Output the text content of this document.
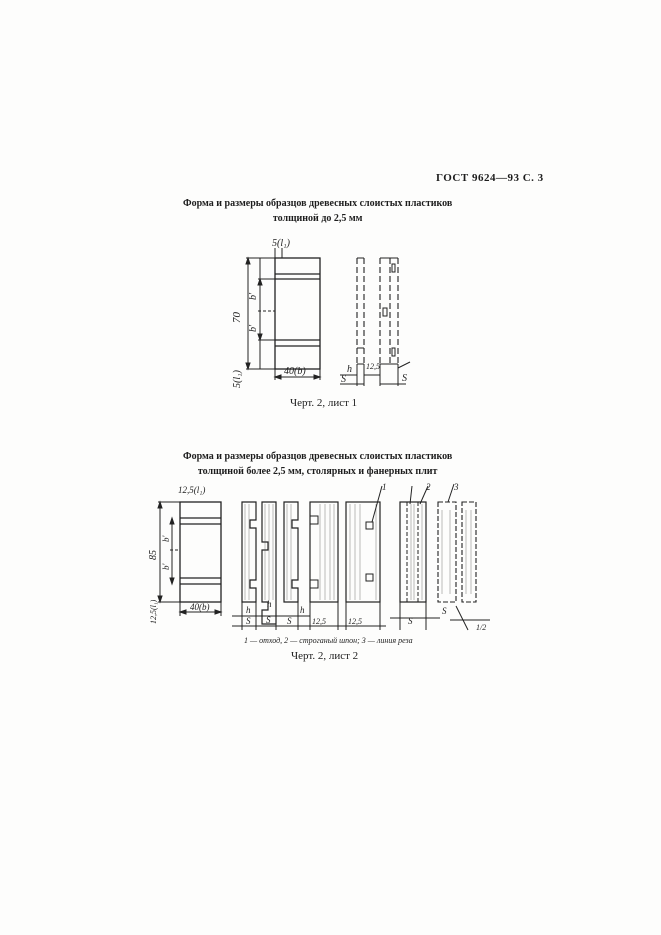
ГОСТ 9624—93 С. 3
Форма и размеры образцов древесных слоистых пластиков
толщиной до 2,5 мм
5(l₁)
70
b'
b'
5(l₁)	40(b)	h
S
12,5
S
Черт. 2, лист 1
Форма и размеры образцов древесных слоистых пластиков
толщиной более 2,5 мм, столярных и фанерных плит
12,5(l₁)
85
b'
b'
12,5(l₁)	40(b)	h
h
h
S S S	12,5	12,5	S
S
1	2	3
1/2
1 — отход, 2 — строганый шпон; 3 — линия реза
Черт. 2, лист 2
